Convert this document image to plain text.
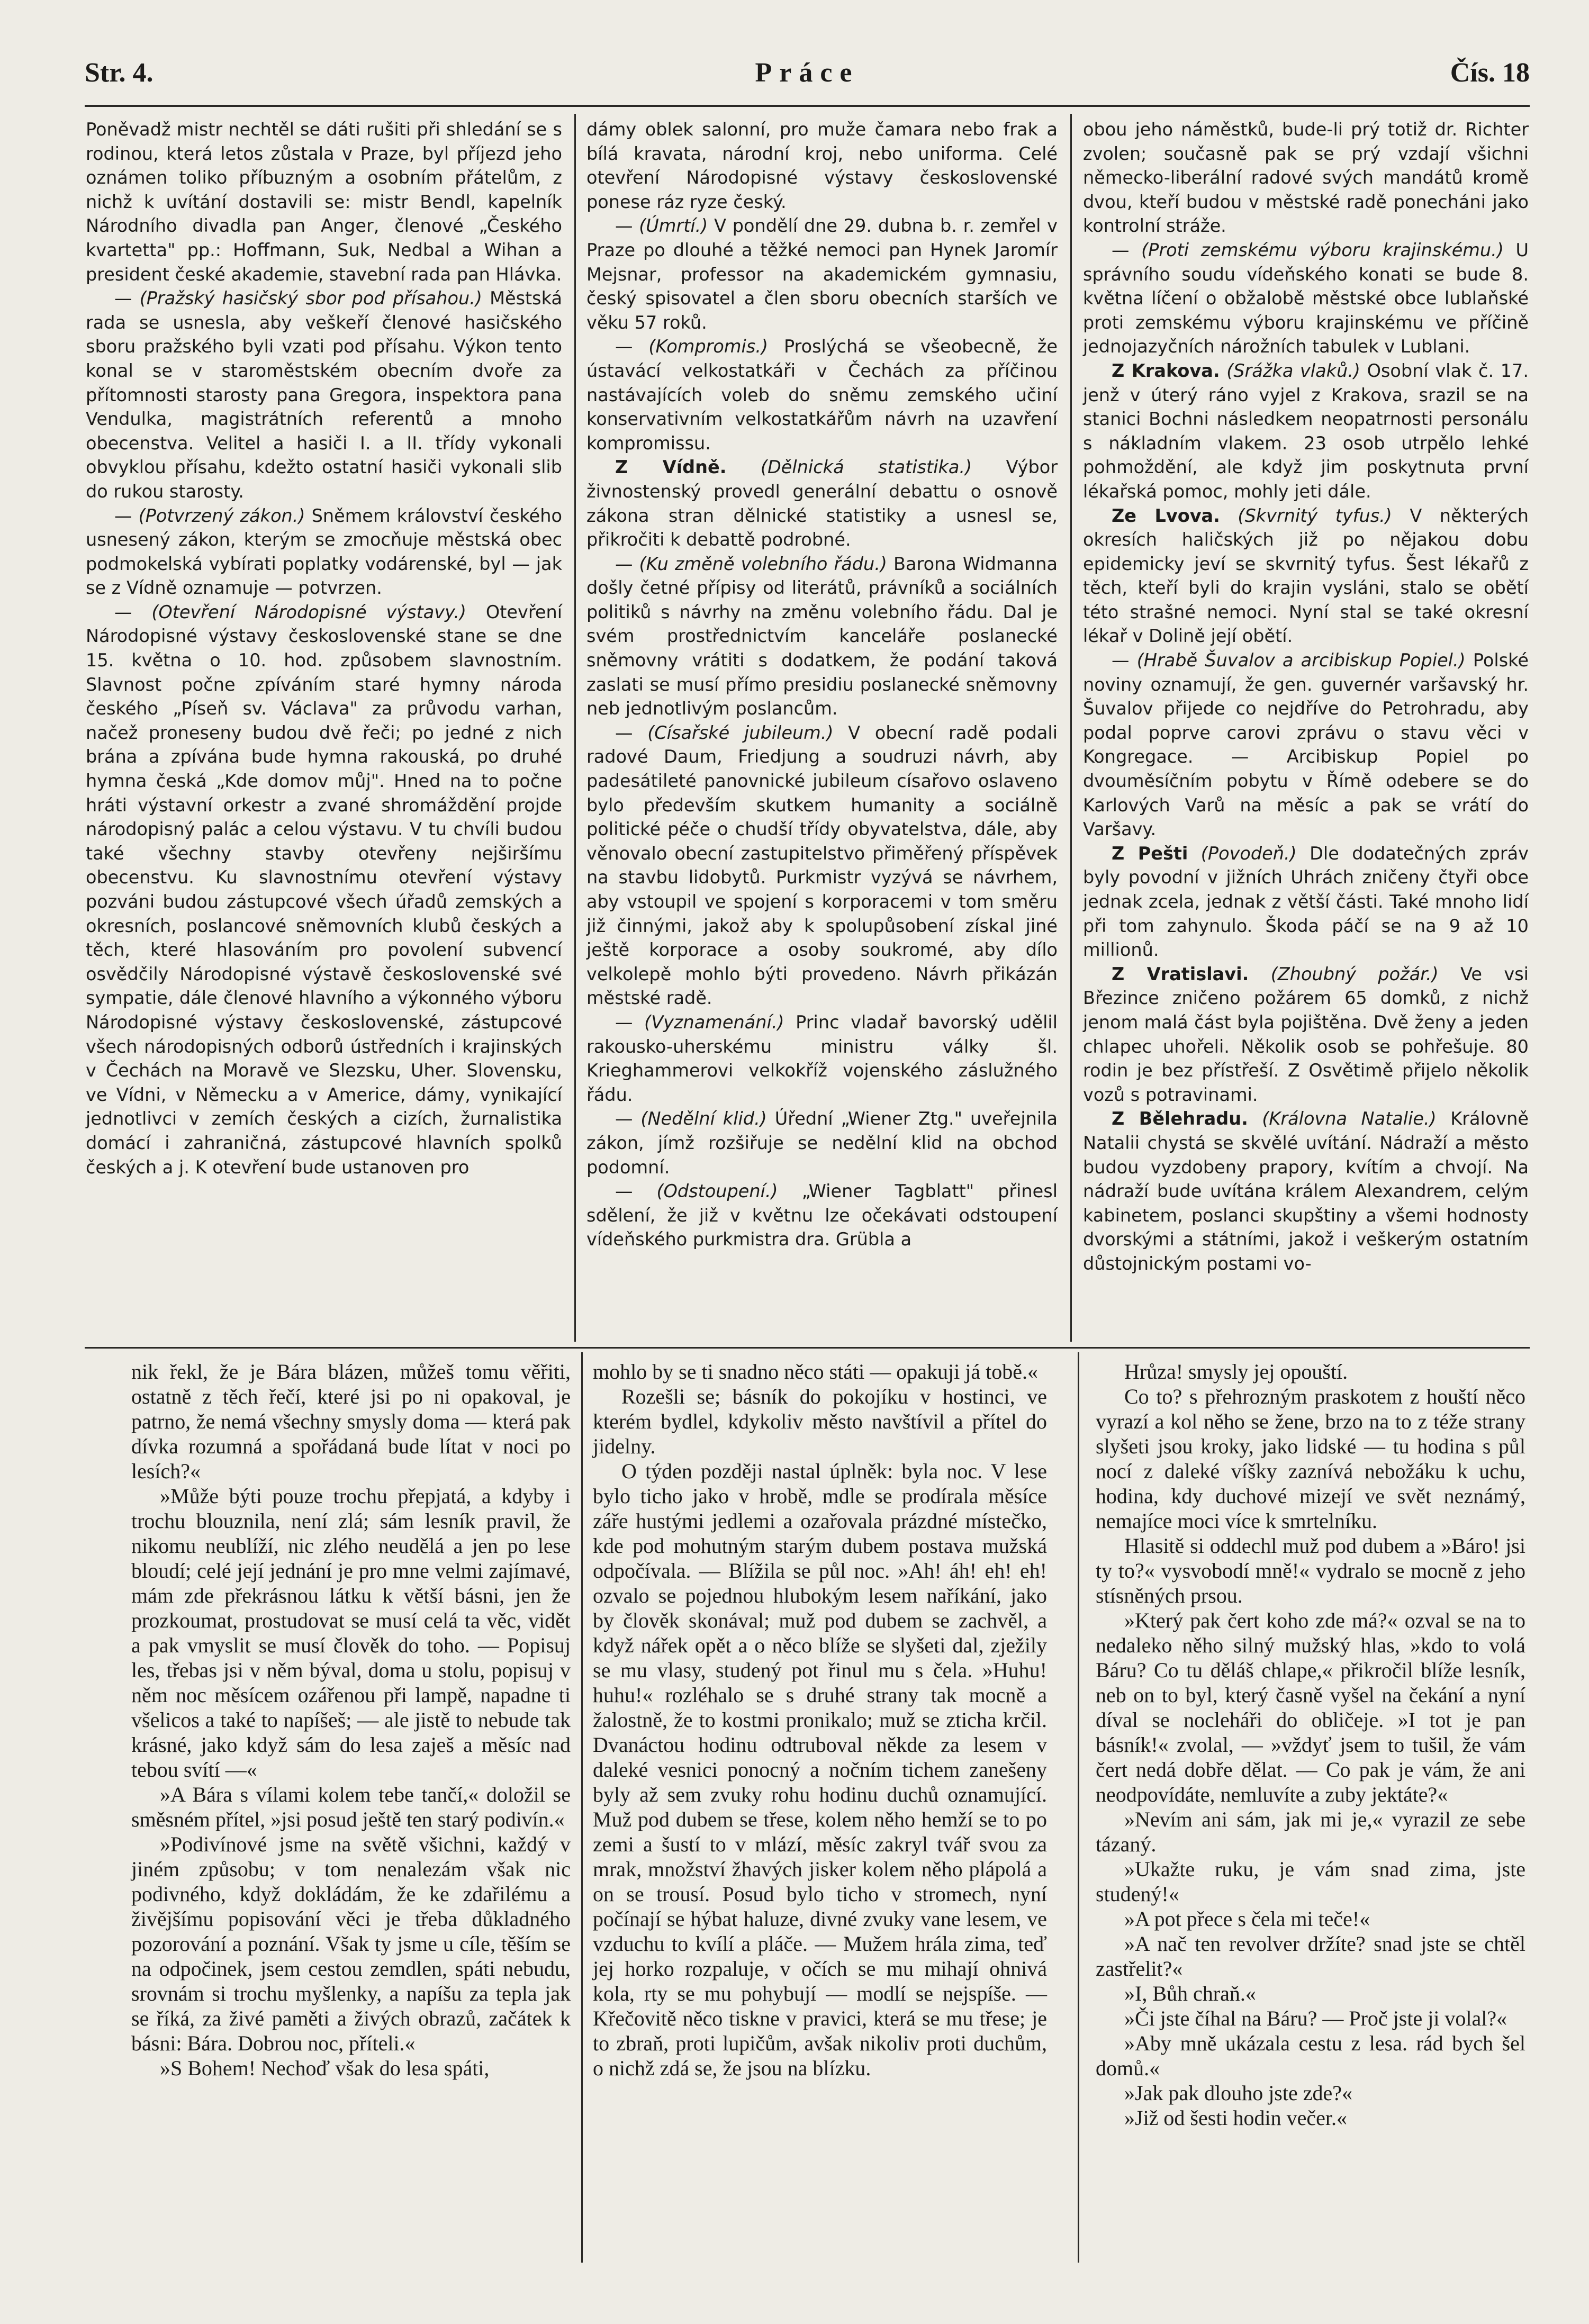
Str. 4.	Práce	Čís. 18

Poněvadž mistr nechtěl se dáti rušiti při shledání se s rodinou, která letos zůstala v Praze, byl příjezd jeho oznámen toliko příbuzným a osobním přátelům, z nichž k uvítání dostavili se: mistr Bendl, kapelník Národního divadla pan Anger, členové „Českého kvartetta" pp.: Hoffmann, Suk, Nedbal a Wihan a president české akademie, stavební rada pan Hlávka.

— (Pražský hasičský sbor pod přísahou.) Městská rada se usnesla, aby veškeří členové hasičského sboru pražského byli vzati pod přísahu. Výkon tento konal se v staroměstském obecním dvoře za přítomnosti starosty pana Gregora, inspektora pana Vendulka, magistrátních referentů a mnoho obecenstva. Velitel a hasiči I. a II. třídy vykonali obvyklou přísahu, kdežto ostatní hasiči vykonali slib do rukou starosty.

— (Potvrzený zákon.) Sněmem království českého usnesený zákon, kterým se zmocňuje městská obec podmokelská vybírati poplatky vodárenské, byl — jak se z Vídně oznamuje — potvrzen.

— (Otevření Národopisné výstavy.) Otevření Národopisné výstavy československé stane se dne 15. května o 10. hod. způsobem slavnostním. Slavnost počne zpíváním staré hymny národa českého „Píseň sv. Václava" za průvodu varhan, načež proneseny budou dvě řeči; po jedné z nich brána a zpívána bude hymna rakouská, po druhé hymna česká „Kde domov můj". Hned na to počne hráti výstavní orkestr a zvané shromáždění projde národopisný palác a celou výstavu. V tu chvíli budou také všechny stavby otevřeny nejširšímu obecenstvu. Ku slavnostnímu otevření výstavy pozváni budou zástupcové všech úřadů zemských a okresních, poslancové sněmovních klubů českých a těch, které hlasováním pro povolení subvencí osvědčily Národopisné výstavě československé své sympatie, dále členové hlavního a výkonného výboru Národopisné výstavy československé, zástupcové všech národopisných odborů ústředních i krajinských v Čechách na Moravě ve Slezsku, Uher. Slovensku, ve Vídni, v Německu a v Americe, dámy, vynikající jednotlivci v zemích českých a cizích, žurnalistika domácí i zahraničná, zástupcové hlavních spolků českých a j. K otevření bude ustanoven pro

dámy oblek salonní, pro muže čamara nebo frak a bílá kravata, národní kroj, nebo uniforma. Celé otevření Národopisné výstavy československé ponese ráz ryze český.

— (Úmrtí.) V pondělí dne 29. dubna b. r. zemřel v Praze po dlouhé a těžké nemoci pan Hynek Jaromír Mejsnar, professor na akademickém gymnasiu, český spisovatel a člen sboru obecních starších ve věku 57 roků.

— (Kompromis.) Proslýchá se všeobecně, že ústavácí velkostatkáři v Čechách za příčinou nastávajících voleb do sněmu zemského učiní konservativním velkostatkářům návrh na uzavření kompromissu.

Z Vídně. (Dělnická statistika.) Výbor živnostenský provedl generální debattu o osnově zákona stran dělnické statistiky a usnesl se, přikročiti k debattě podrobné.

— (Ku změně volebního řádu.) Barona Widmanna došly četné přípisy od literátů, právníků a sociálních politiků s návrhy na změnu volebního řádu. Dal je svém prostřednictvím kanceláře poslanecké sněmovny vrátiti s dodatkem, že podání taková zaslati se musí přímo presidiu poslanecké sněmovny neb jednotlivým poslancům.

— (Císařské jubileum.) V obecní radě podali radové Daum, Friedjung a soudruzi návrh, aby padesátileté panovnické jubileum císařovo oslaveno bylo především skutkem humanity a sociálně politické péče o chudší třídy obyvatelstva, dále, aby věnovalo obecní zastupitelstvo přiměřený příspěvek na stavbu lidobytů. Purkmistr vyzývá se návrhem, aby vstoupil ve spojení s korporacemi v tom směru již činnými, jakož aby k spolupůsobení získal jiné ještě korporace a osoby soukromé, aby dílo velkolepě mohlo býti provedeno. Návrh přikázán městské radě.

— (Vyznamenání.) Princ vladař bavorský udělil rakousko-uherskému ministru války šl. Krieghammerovi velkokříž vojenského záslužného řádu.

— (Nedělní klid.) Úřední „Wiener Ztg." uveřejnila zákon, jímž rozšiřuje se nedělní klid na obchod podomní.

— (Odstoupení.) „Wiener Tagblatt" přinesl sdělení, že již v květnu lze očekávati odstoupení vídeňského purkmistra dra. Grübla a

obou jeho náměstků, bude-li prý totiž dr. Richter zvolen; současně pak se prý vzdají všichni německo-liberální radové svých mandátů kromě dvou, kteří budou v městské radě ponecháni jako kontrolní stráže.

— (Proti zemskému výboru krajinskému.) U správního soudu vídeňského konati se bude 8. května líčení o obžalobě městské obce lublaňské proti zemskému výboru krajinskému ve příčině jednojazyčních nárožních tabulek v Lublani.

Z Krakova. (Srážka vlaků.) Osobní vlak č. 17. jenž v úterý ráno vyjel z Krakova, srazil se na stanici Bochni následkem neopatrnosti personálu s nákladním vlakem. 23 osob utrpělo lehké pohmoždění, ale když jim poskytnuta první lékařská pomoc, mohly jeti dále.

Ze Lvova. (Skvrnitý tyfus.) V některých okresích haličských již po nějakou dobu epidemicky jeví se skvrnitý tyfus. Šest lékařů z těch, kteří byli do krajin vysláni, stalo se obětí této strašné nemoci. Nyní stal se také okresní lékař v Dolině její obětí.

— (Hrabě Šuvalov a arcibiskup Popiel.) Polské noviny oznamují, že gen. guvernér varšavský hr. Šuvalov přijede co nejdříve do Petrohradu, aby podal poprve carovi zprávu o stavu věci v Kongregace. — Arcibiskup Popiel po dvouměsíčním pobytu v Římě odebere se do Karlových Varů na měsíc a pak se vrátí do Varšavy.

Z Pešti (Povodeň.) Dle dodatečných zpráv byly povodní v jižních Uhrách zničeny čtyři obce jednak zcela, jednak z větší části. Také mnoho lidí při tom zahynulo. Škoda páčí se na 9 až 10 millionů.

Z Vratislavi. (Zhoubný požár.) Ve vsi Březince zničeno požárem 65 domků, z nichž jenom malá část byla pojištěna. Dvě ženy a jeden chlapec uhořeli. Několik osob se pohřešuje. 80 rodin je bez přístřeší. Z Osvětimě přijelo několik vozů s potravinami.

Z Bělehradu. (Královna Natalie.) Královně Natalii chystá se skvělé uvítání. Nádraží a město budou vyzdobeny prapory, kvítím a chvojí. Na nádraží bude uvítána králem Alexandrem, celým kabinetem, poslanci skupštiny a všemi hodnosty dvorskými a státními, jakož i veškerým ostatním důstojnickým postami vo-

nik řekl, že je Bára blázen, můžeš tomu věřiti, ostatně z těch řečí, které jsi po ni opakoval, je patrno, že nemá všechny smysly doma — která pak dívka rozumná a spořádaná bude lítat v noci po lesích?«

»Může býti pouze trochu přepjatá, a kdyby i trochu blouznila, není zlá; sám lesník pravil, že nikomu neublíží, nic zlého neudělá a jen po lese bloudí; celé její jednání je pro mne velmi zajímavé, mám zde překrásnou látku k větší básni, jen že prozkoumat, prostudovat se musí celá ta věc, vidět a pak vmyslit se musí člověk do toho. — Popisuj les, třebas jsi v něm býval, doma u stolu, popisuj v něm noc měsícem ozářenou při lampě, napadne ti všelicos a také to napíšeš; — ale jistě to nebude tak krásné, jako když sám do lesa zaješ a měsíc nad tebou svítí —«

»A Bára s vílami kolem tebe tančí,« doložil se směsném přítel, »jsi posud ještě ten starý podivín.«

»Podivínové jsme na světě všichni, každý v jiném způsobu; v tom nenalezám však nic podivného, když dokládám, že ke zdařilému a živějšímu popisování věci je třeba důkladného pozorování a poznání. Však ty jsme u cíle, těším se na odpočinek, jsem cestou zemdlen, spáti nebudu, srovnám si trochu myšlenky, a napíšu za tepla jak se říká, za živé paměti a živých obrazů, začátek k básni: Bára. Dobrou noc, příteli.«

»S Bohem! Nechoď však do lesa spáti,

mohlo by se ti snadno něco státi — opakuji já tobě.«

Rozešli se; básník do pokojíku v hostinci, ve kterém bydlel, kdykoliv město navštívil a přítel do jidelny.

O týden později nastal úplněk: byla noc. V lese bylo ticho jako v hrobě, mdle se prodírala měsíce záře hustými jedlemi a ozařovala prázdné místečko, kde pod mohutným starým dubem postava mužská odpočívala. — Blížila se půl noc. »Ah! áh! eh! eh! ozvalo se pojednou hlubokým lesem naříkání, jako by člověk skonával; muž pod dubem se zachvěl, a když nářek opět a o něco blíže se slyšeti dal, zježily se mu vlasy, studený pot řinul mu s čela. »Huhu! huhu!« rozléhalo se s druhé strany tak mocně a žalostně, že to kostmi pronikalo; muž se zticha krčil. Dvanáctou hodinu odtruboval někde za lesem v daleké vesnici ponocný a nočním tichem zanešeny byly až sem zvuky rohu hodinu duchů oznamující. Muž pod dubem se třese, kolem něho hemží se to po zemi a šustí to v mlází, měsíc zakryl tvář svou za mrak, množství žhavých jisker kolem něho plápolá a on se trousí. Posud bylo ticho v stromech, nyní počínají se hýbat haluze, divné zvuky vane lesem, ve vzduchu to kvílí a pláče. — Mužem hrála zima, teď jej horko rozpaluje, v očích se mu mihají ohnivá kola, rty se mu pohybují — modlí se nejspíše. — Křečovitě něco tiskne v pravici, která se mu třese; je to zbraň, proti lupičům, avšak nikoliv proti duchům, o nichž zdá se, že jsou na blízku.

Hrůza! smysly jej opouští.

Co to? s přehrozným praskotem z houští něco vyrazí a kol něho se žene, brzo na to z téže strany slyšeti jsou kroky, jako lidské — tu hodina s půl nocí z daleké víšky zaznívá nebožáku k uchu, hodina, kdy duchové mizejí ve svět neznámý, nemajíce moci více k smrtelníku.

Hlasitě si oddechl muž pod dubem a »Báro! jsi ty to?« vysvobodí mně!« vydralo se mocně z jeho stísněných prsou.

»Který pak čert koho zde má?« ozval se na to nedaleko něho silný mužský hlas, »kdo to volá Báru? Co tu děláš chlape,« přikročil blíže lesník, neb on to byl, který časně vyšel na čekání a nyní díval se nocleháři do obličeje. »I tot je pan básník!« zvolal, — »vždyť jsem to tušil, že vám čert nedá dobře dělat. — Co pak je vám, že ani neodpovídáte, nemluvíte a zuby jektáte?«

»Nevím ani sám, jak mi je,« vyrazil ze sebe tázaný.

»Ukažte ruku, je vám snad zima, jste studený!«

»A pot přece s čela mi teče!«

»A nač ten revolver držíte? snad jste se chtěl zastřelit?«

»I, Bůh chraň.«

»Či jste číhal na Báru? — Proč jste ji volal?«

»Aby mně ukázala cestu z lesa. rád bych šel domů.«

»Jak pak dlouho jste zde?«

»Již od šesti hodin večer.«
